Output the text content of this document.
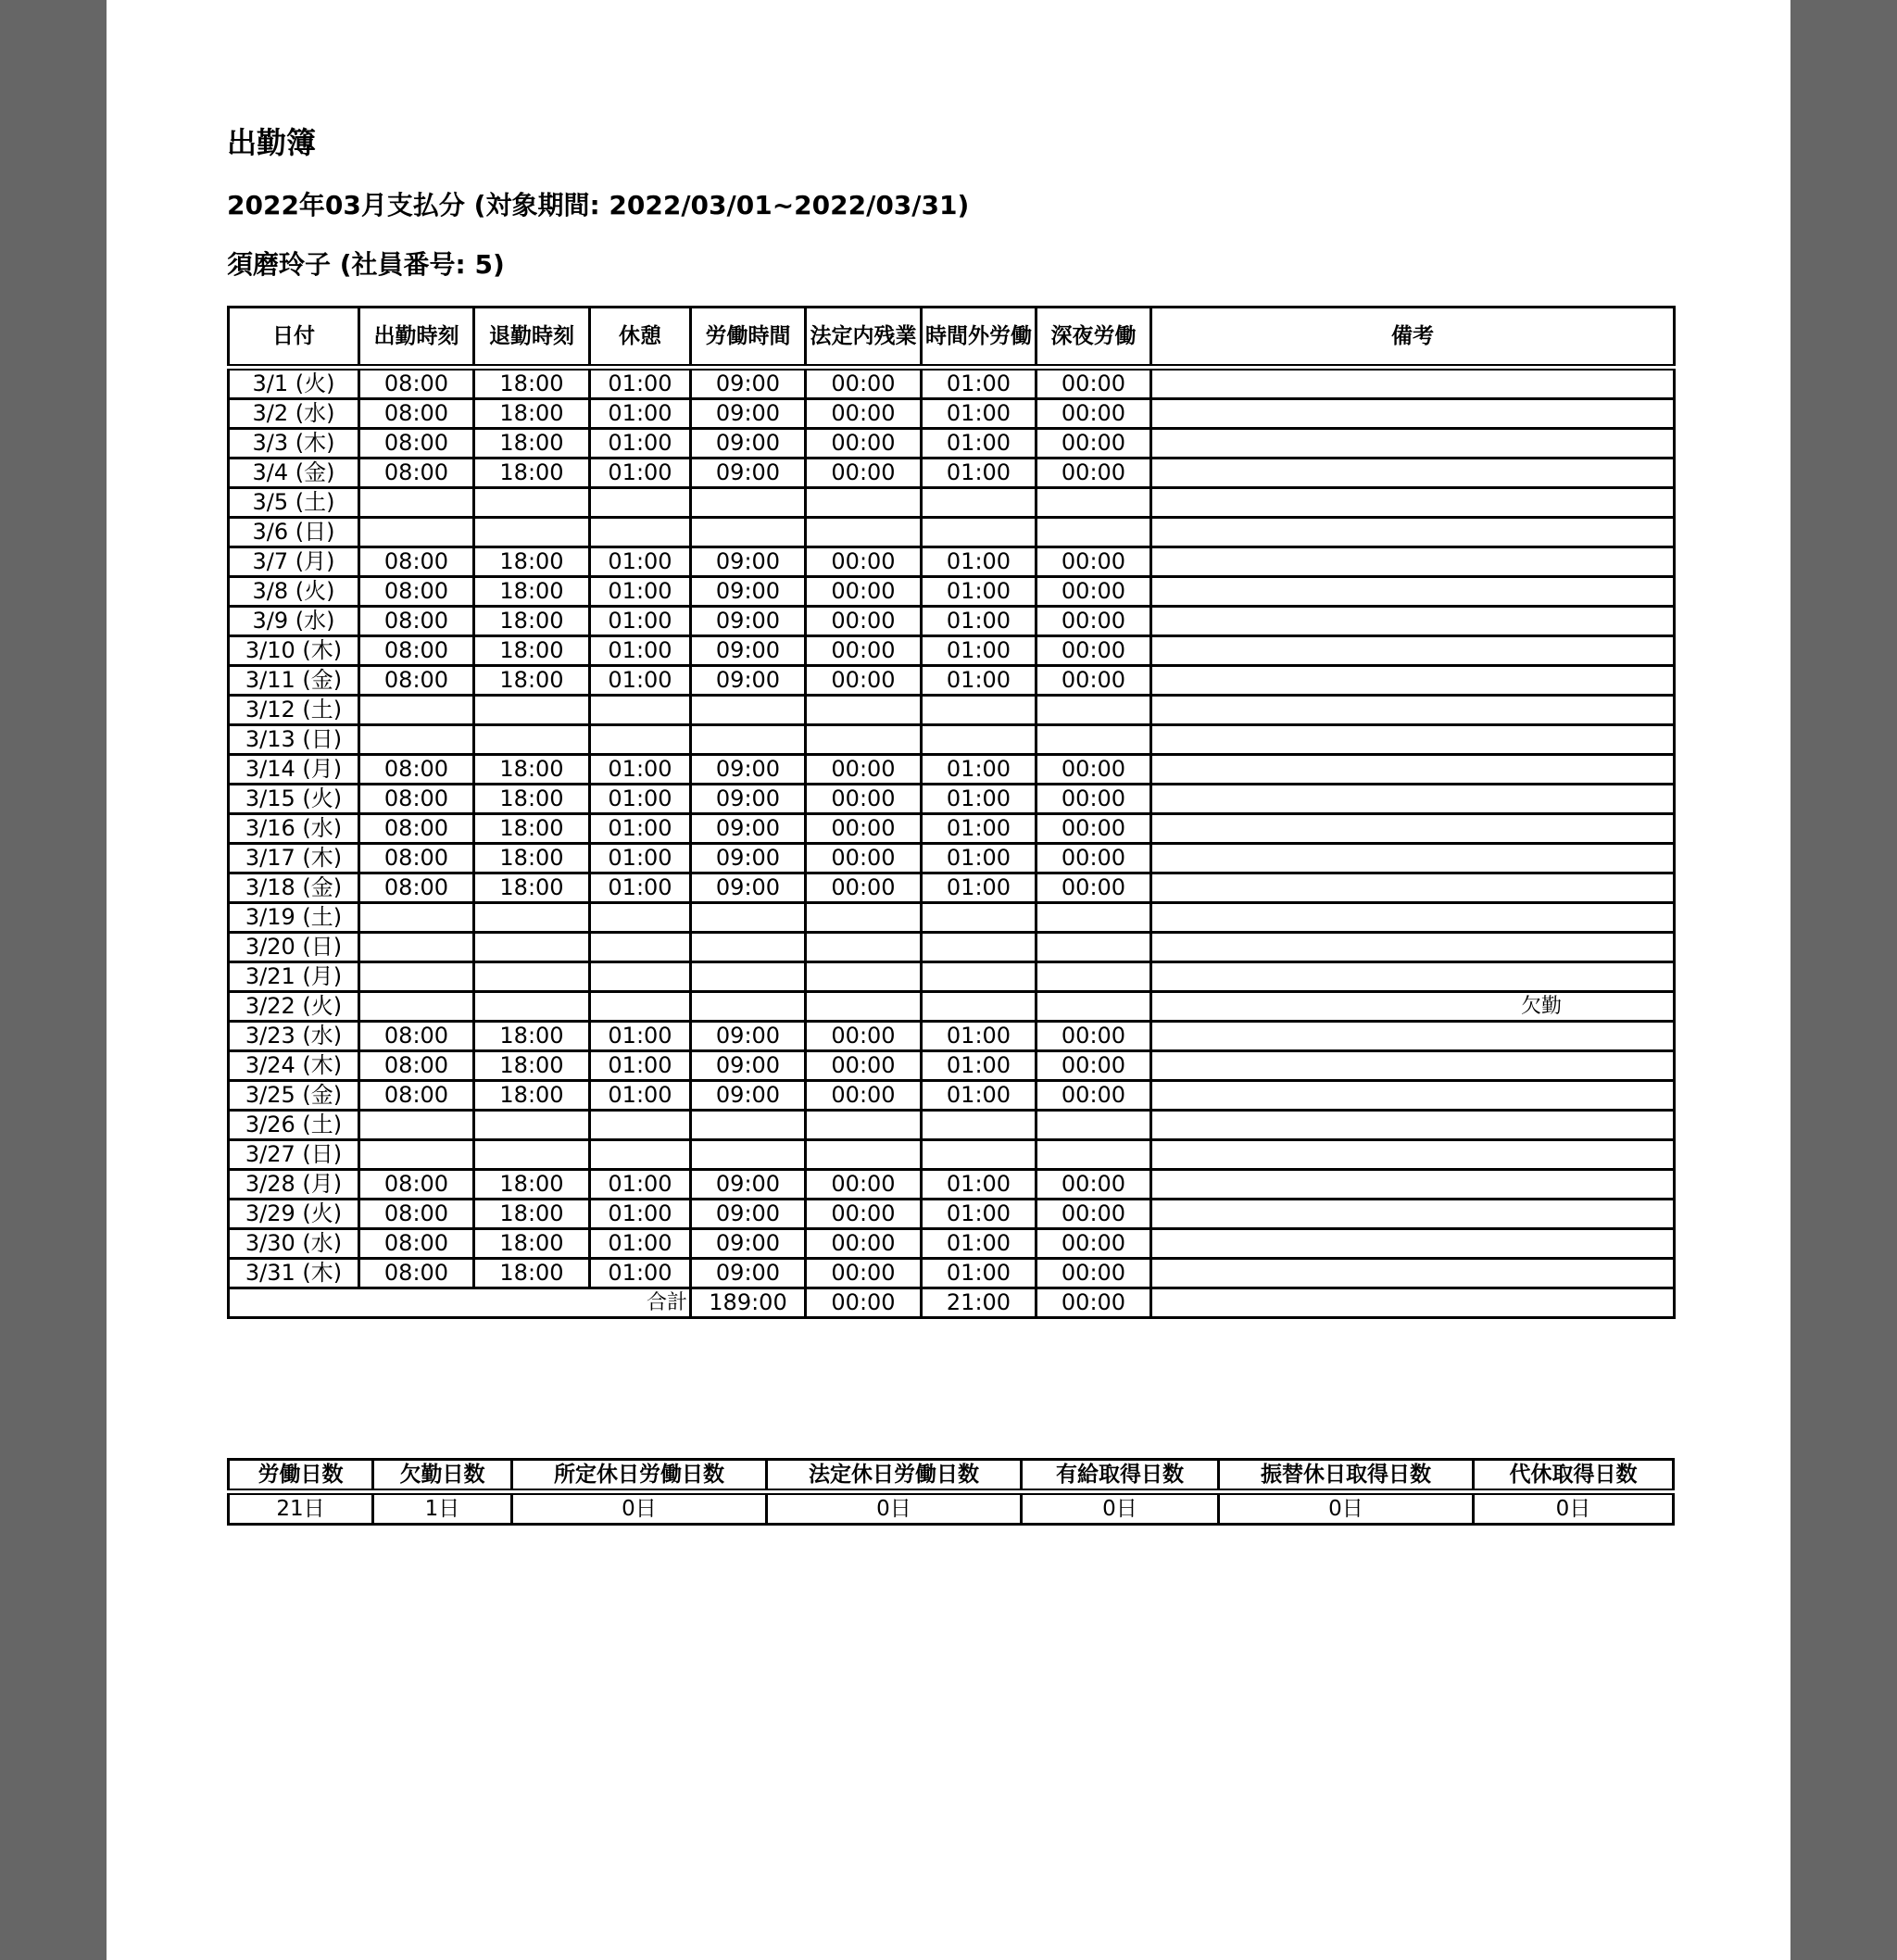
出勤簿

2022年03月支払分 (対象期間: 2022/03/01~2022/03/31)

須磨玲子 (社員番号: 5)

日付	出勤時刻	退勤時刻	休憩	労働時間	法定内残業	時間外労働	深夜労働	備考
3/1 (火)	08:00	18:00	01:00	09:00	00:00	01:00	00:00	
3/2 (水)	08:00	18:00	01:00	09:00	00:00	01:00	00:00	
3/3 (木)	08:00	18:00	01:00	09:00	00:00	01:00	00:00	
3/4 (金)	08:00	18:00	01:00	09:00	00:00	01:00	00:00	
3/5 (土)								
3/6 (日)								
3/7 (月)	08:00	18:00	01:00	09:00	00:00	01:00	00:00	
3/8 (火)	08:00	18:00	01:00	09:00	00:00	01:00	00:00	
3/9 (水)	08:00	18:00	01:00	09:00	00:00	01:00	00:00	
3/10 (木)	08:00	18:00	01:00	09:00	00:00	01:00	00:00	
3/11 (金)	08:00	18:00	01:00	09:00	00:00	01:00	00:00	
3/12 (土)								
3/13 (日)								
3/14 (月)	08:00	18:00	01:00	09:00	00:00	01:00	00:00	
3/15 (火)	08:00	18:00	01:00	09:00	00:00	01:00	00:00	
3/16 (水)	08:00	18:00	01:00	09:00	00:00	01:00	00:00	
3/17 (木)	08:00	18:00	01:00	09:00	00:00	01:00	00:00	
3/18 (金)	08:00	18:00	01:00	09:00	00:00	01:00	00:00	
3/19 (土)								
3/20 (日)								
3/21 (月)								
3/22 (火)								欠勤
3/23 (水)	08:00	18:00	01:00	09:00	00:00	01:00	00:00	
3/24 (木)	08:00	18:00	01:00	09:00	00:00	01:00	00:00	
3/25 (金)	08:00	18:00	01:00	09:00	00:00	01:00	00:00	
3/26 (土)								
3/27 (日)								
3/28 (月)	08:00	18:00	01:00	09:00	00:00	01:00	00:00	
3/29 (火)	08:00	18:00	01:00	09:00	00:00	01:00	00:00	
3/30 (水)	08:00	18:00	01:00	09:00	00:00	01:00	00:00	
3/31 (木)	08:00	18:00	01:00	09:00	00:00	01:00	00:00	
合計				189:00	00:00	21:00	00:00	
労働日数	欠勤日数	所定休日労働日数	法定休日労働日数	有給取得日数	振替休日取得日数	代休取得日数
21日	1日	0日	0日	0日	0日	0日
